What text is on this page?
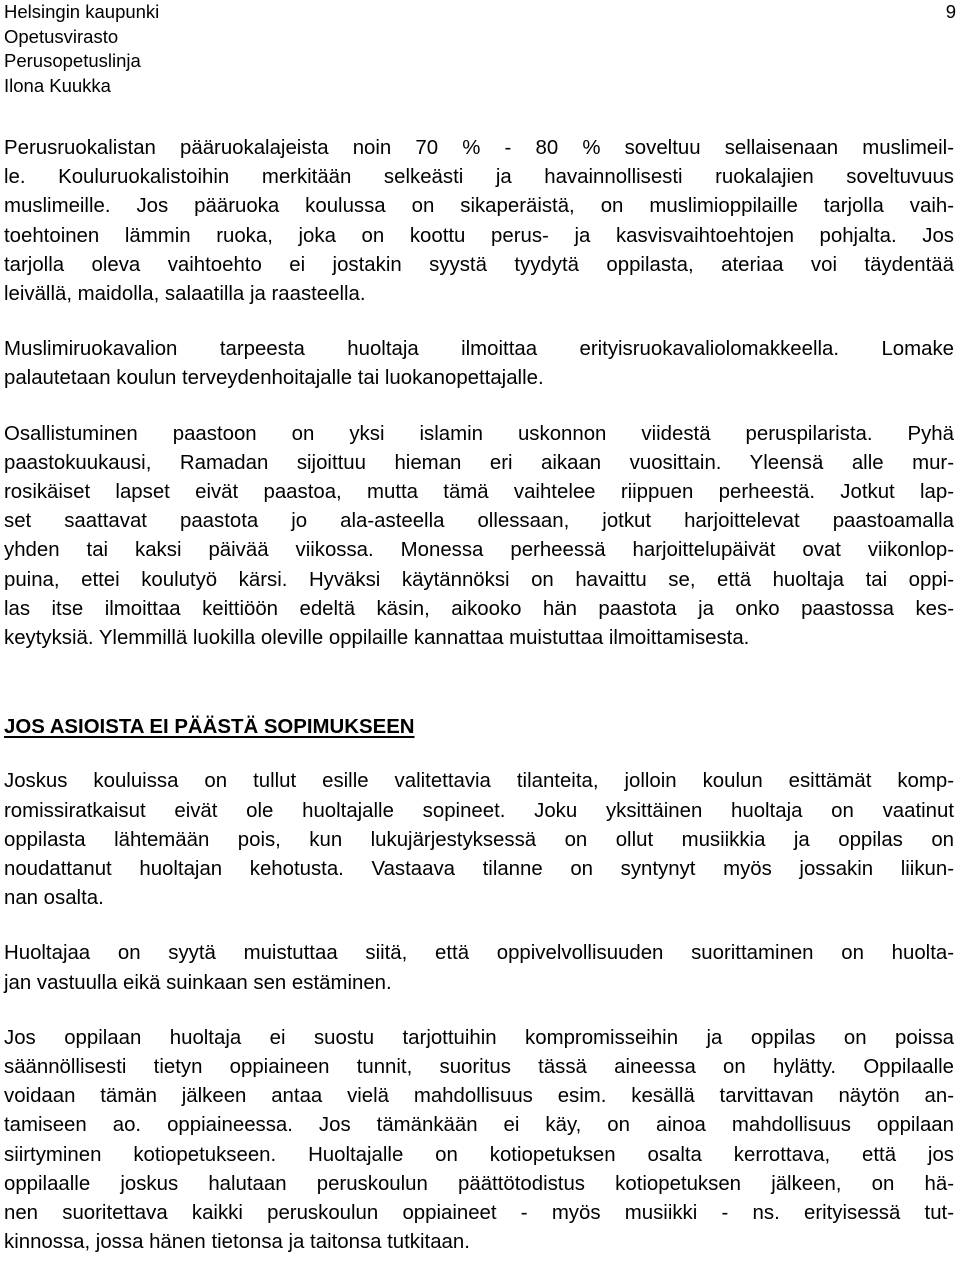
Helsingin kaupunki
Opetusvirasto
Perusopetuslinja
Ilona Kuukka
9

Perusruokalistan pääruokalajeista noin 70 % - 80 % soveltuu sellaisenaan muslimeil-
le. Kouluruokalistoihin merkitään selkeästi ja havainnollisesti ruokalajien soveltuvuus
muslimeille. Jos pääruoka koulussa on sikaperäistä, on muslimioppilaille tarjolla vaih-
toehtoinen lämmin ruoka, joka on koottu perus- ja kasvisvaihtoehtojen pohjalta. Jos
tarjolla oleva vaihtoehto ei jostakin syystä tyydytä oppilasta, ateriaa voi täydentää
leivällä, maidolla, salaatilla ja raasteella.

Muslimiruokavalion tarpeesta huoltaja ilmoittaa erityisruokavaliolomakkeella. Lomake
palautetaan koulun terveydenhoitajalle tai luokanopettajalle.

Osallistuminen paastoon on yksi islamin uskonnon viidestä peruspilarista. Pyhä
paastokuukausi, Ramadan sijoittuu hieman eri aikaan vuosittain. Yleensä alle mur-
rosikäiset lapset eivät paastoa, mutta tämä vaihtelee riippuen perheestä. Jotkut lap-
set saattavat paastota jo ala-asteella ollessaan, jotkut harjoittelevat paastoamalla
yhden tai kaksi päivää viikossa. Monessa perheessä harjoittelupäivät ovat viikonlop-
puina, ettei koulutyö kärsi. Hyväksi käytännöksi on havaittu se, että huoltaja tai oppi-
las itse ilmoittaa keittiöön edeltä käsin, aikooko hän paastota ja onko paastossa kes-
keytyksiä. Ylemmillä luokilla oleville oppilaille kannattaa muistuttaa ilmoittamisesta.

JOS ASIOISTA EI PÄÄSTÄ SOPIMUKSEEN

Joskus kouluissa on tullut esille valitettavia tilanteita, jolloin koulun esittämät komp-
romissiratkaisut eivät ole huoltajalle sopineet. Joku yksittäinen huoltaja on vaatinut
oppilasta lähtemään pois, kun lukujärjestyksessä on ollut musiikkia ja oppilas on
noudattanut huoltajan kehotusta. Vastaava tilanne on syntynyt myös jossakin liikun-
nan osalta.

Huoltajaa on syytä muistuttaa siitä, että oppivelvollisuuden suorittaminen on huolta-
jan vastuulla eikä suinkaan sen estäminen.

Jos oppilaan huoltaja ei suostu tarjottuihin kompromisseihin ja oppilas on poissa
säännöllisesti tietyn oppiaineen tunnit, suoritus tässä aineessa on hylätty. Oppilaalle
voidaan tämän jälkeen antaa vielä mahdollisuus esim. kesällä tarvittavan näytön an-
tamiseen ao. oppiaineessa. Jos tämänkään ei käy, on ainoa mahdollisuus oppilaan
siirtyminen kotiopetukseen. Huoltajalle on kotiopetuksen osalta kerrottava, että jos
oppilaalle joskus halutaan peruskoulun päättötodistus kotiopetuksen jälkeen, on hä-
nen suoritettava kaikki peruskoulun oppiaineet - myös musiikki - ns. erityisessä tut-
kinnossa, jossa hänen tietonsa ja taitonsa tutkitaan.
